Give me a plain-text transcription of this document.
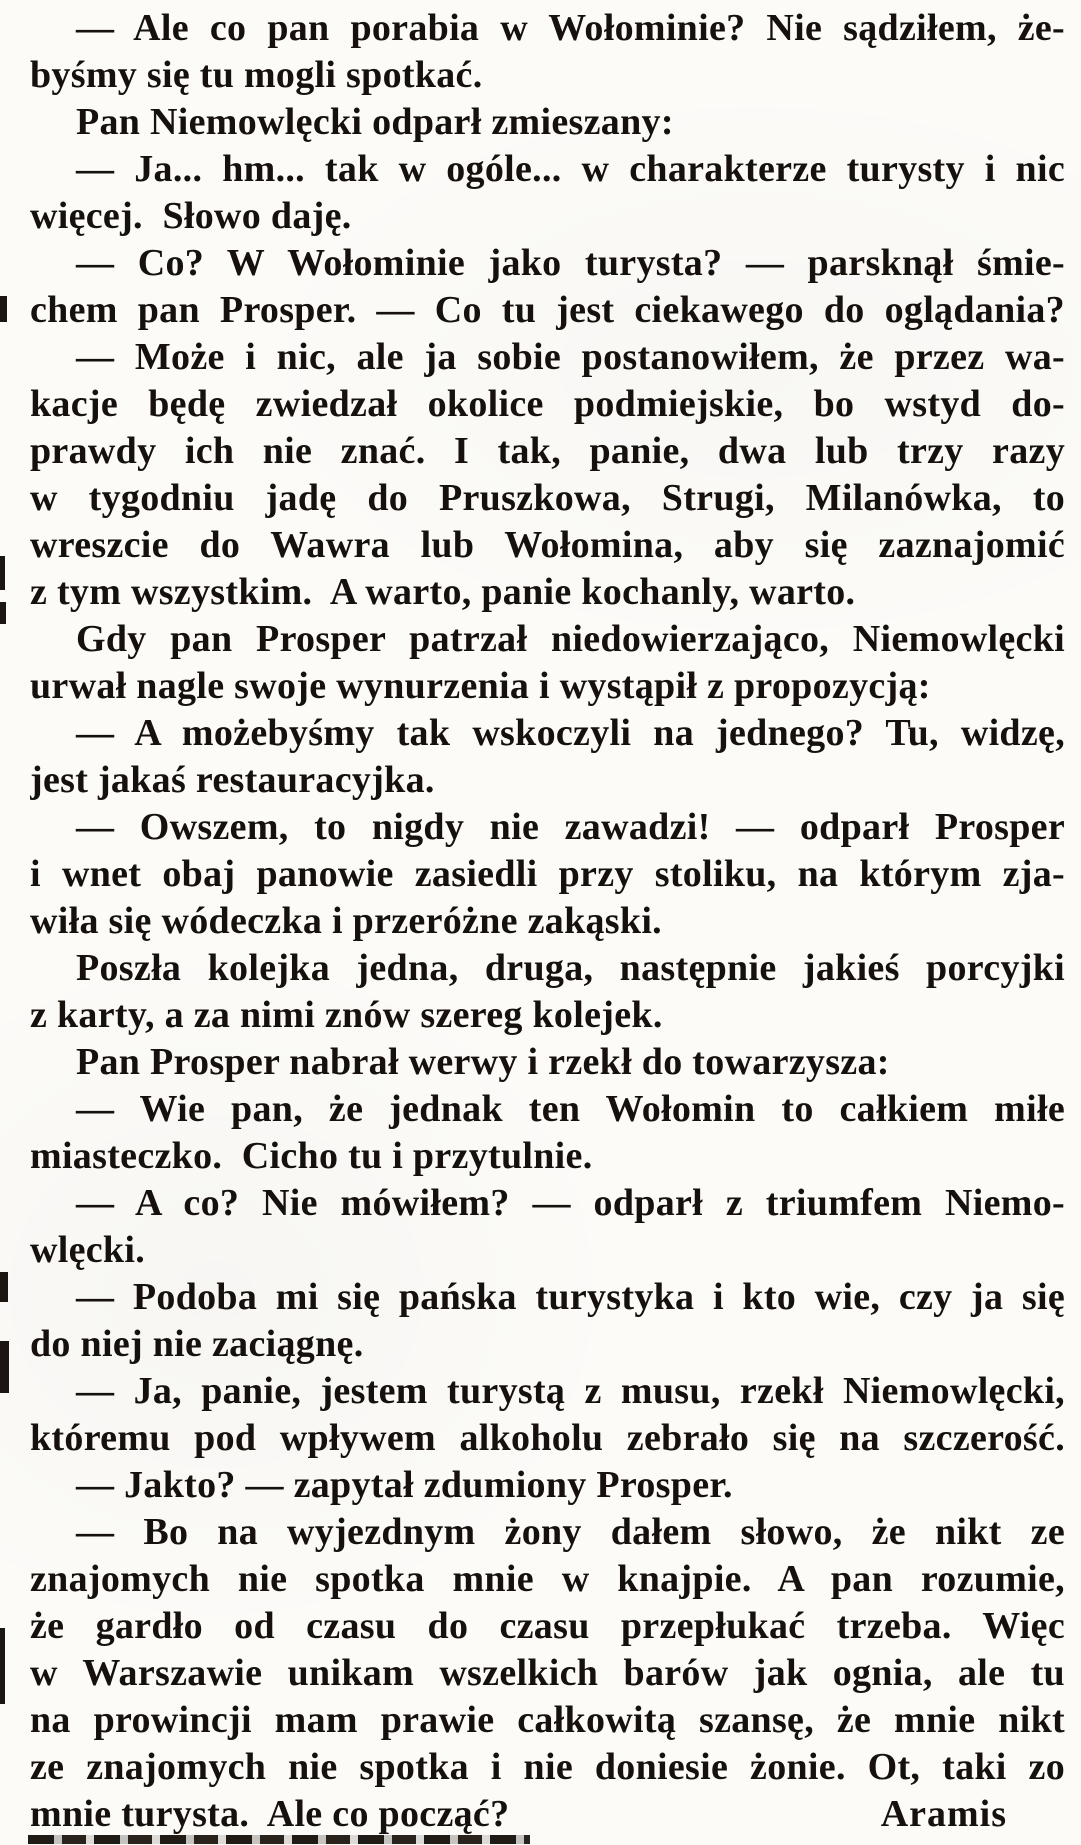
— Ale co pan porabia w Wołominie? Nie sądziłem, że-
byśmy się tu mogli spotkać.
Pan Niemowlęcki odparł zmieszany:
— Ja... hm... tak w ogóle... w charakterze turysty i nic
więcej.  Słowo daję.
— Co? W Wołominie jako turysta? — parsknął śmie-
chem pan Prosper. — Co tu jest ciekawego do oglądania?
— Może i nic, ale ja sobie postanowiłem, że przez wa-
kacje będę zwiedzał okolice podmiejskie, bo wstyd do-
prawdy ich nie znać. I tak, panie, dwa lub trzy razy
w tygodniu jadę do Pruszkowa, Strugi, Milanówka, to
wreszcie do Wawra lub Wołomina, aby się zaznajomić
z tym wszystkim.  A warto, panie kochanly, warto.
Gdy pan Prosper patrzał niedowierzająco, Niemowlęcki
urwał nagle swoje wynurzenia i wystąpił z propozycją:
— A możebyśmy tak wskoczyli na jednego? Tu, widzę,
jest jakaś restauracyjka.
— Owszem, to nigdy nie zawadzi! — odparł Prosper
i wnet obaj panowie zasiedli przy stoliku, na którym zja-
wiła się wódeczka i przeróżne zakąski.
Poszła kolejka jedna, druga, następnie jakieś porcyjki
z karty, a za nimi znów szereg kolejek.
Pan Prosper nabrał werwy i rzekł do towarzysza:
— Wie pan, że jednak ten Wołomin to całkiem miłe
miasteczko.  Cicho tu i przytulnie.
— A co? Nie mówiłem? — odparł z triumfem Niemo-
wlęcki.
— Podoba mi się pańska turystyka i kto wie, czy ja się
do niej nie zaciągnę.
— Ja, panie, jestem turystą z musu, rzekł Niemowlęcki,
któremu pod wpływem alkoholu zebrało się na szczerość.
— Jakto? — zapytał zdumiony Prosper.
— Bo na wyjezdnym żony dałem słowo, że nikt ze
znajomych nie spotka mnie w knajpie. A pan rozumie,
że gardło od czasu do czasu przepłukać trzeba. Więc
w Warszawie unikam wszelkich barów jak ognia, ale tu
na prowincji mam prawie całkowitą szansę, że mnie nikt
ze znajomych nie spotka i nie doniesie żonie. Ot, taki zo
mnie turysta.  Ale co począć?	Aramis
